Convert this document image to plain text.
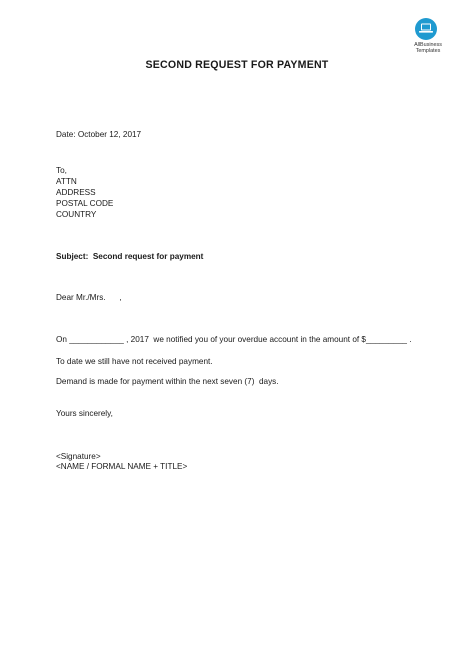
AllBusiness
Templates
SECOND REQUEST FOR PAYMENT
Date: October 12, 2017
To,
ATTN
ADDRESS
POSTAL CODE
COUNTRY
Subject:  Second request for payment
Dear Mr./Mrs.      ,
On ____________ , 2017  we notified you of your overdue account in the amount of $_________ .
To date we still have not received payment.
Demand is made for payment within the next seven (7)  days.
Yours sincerely,
<Signature>
<NAME / FORMAL NAME + TITLE>
